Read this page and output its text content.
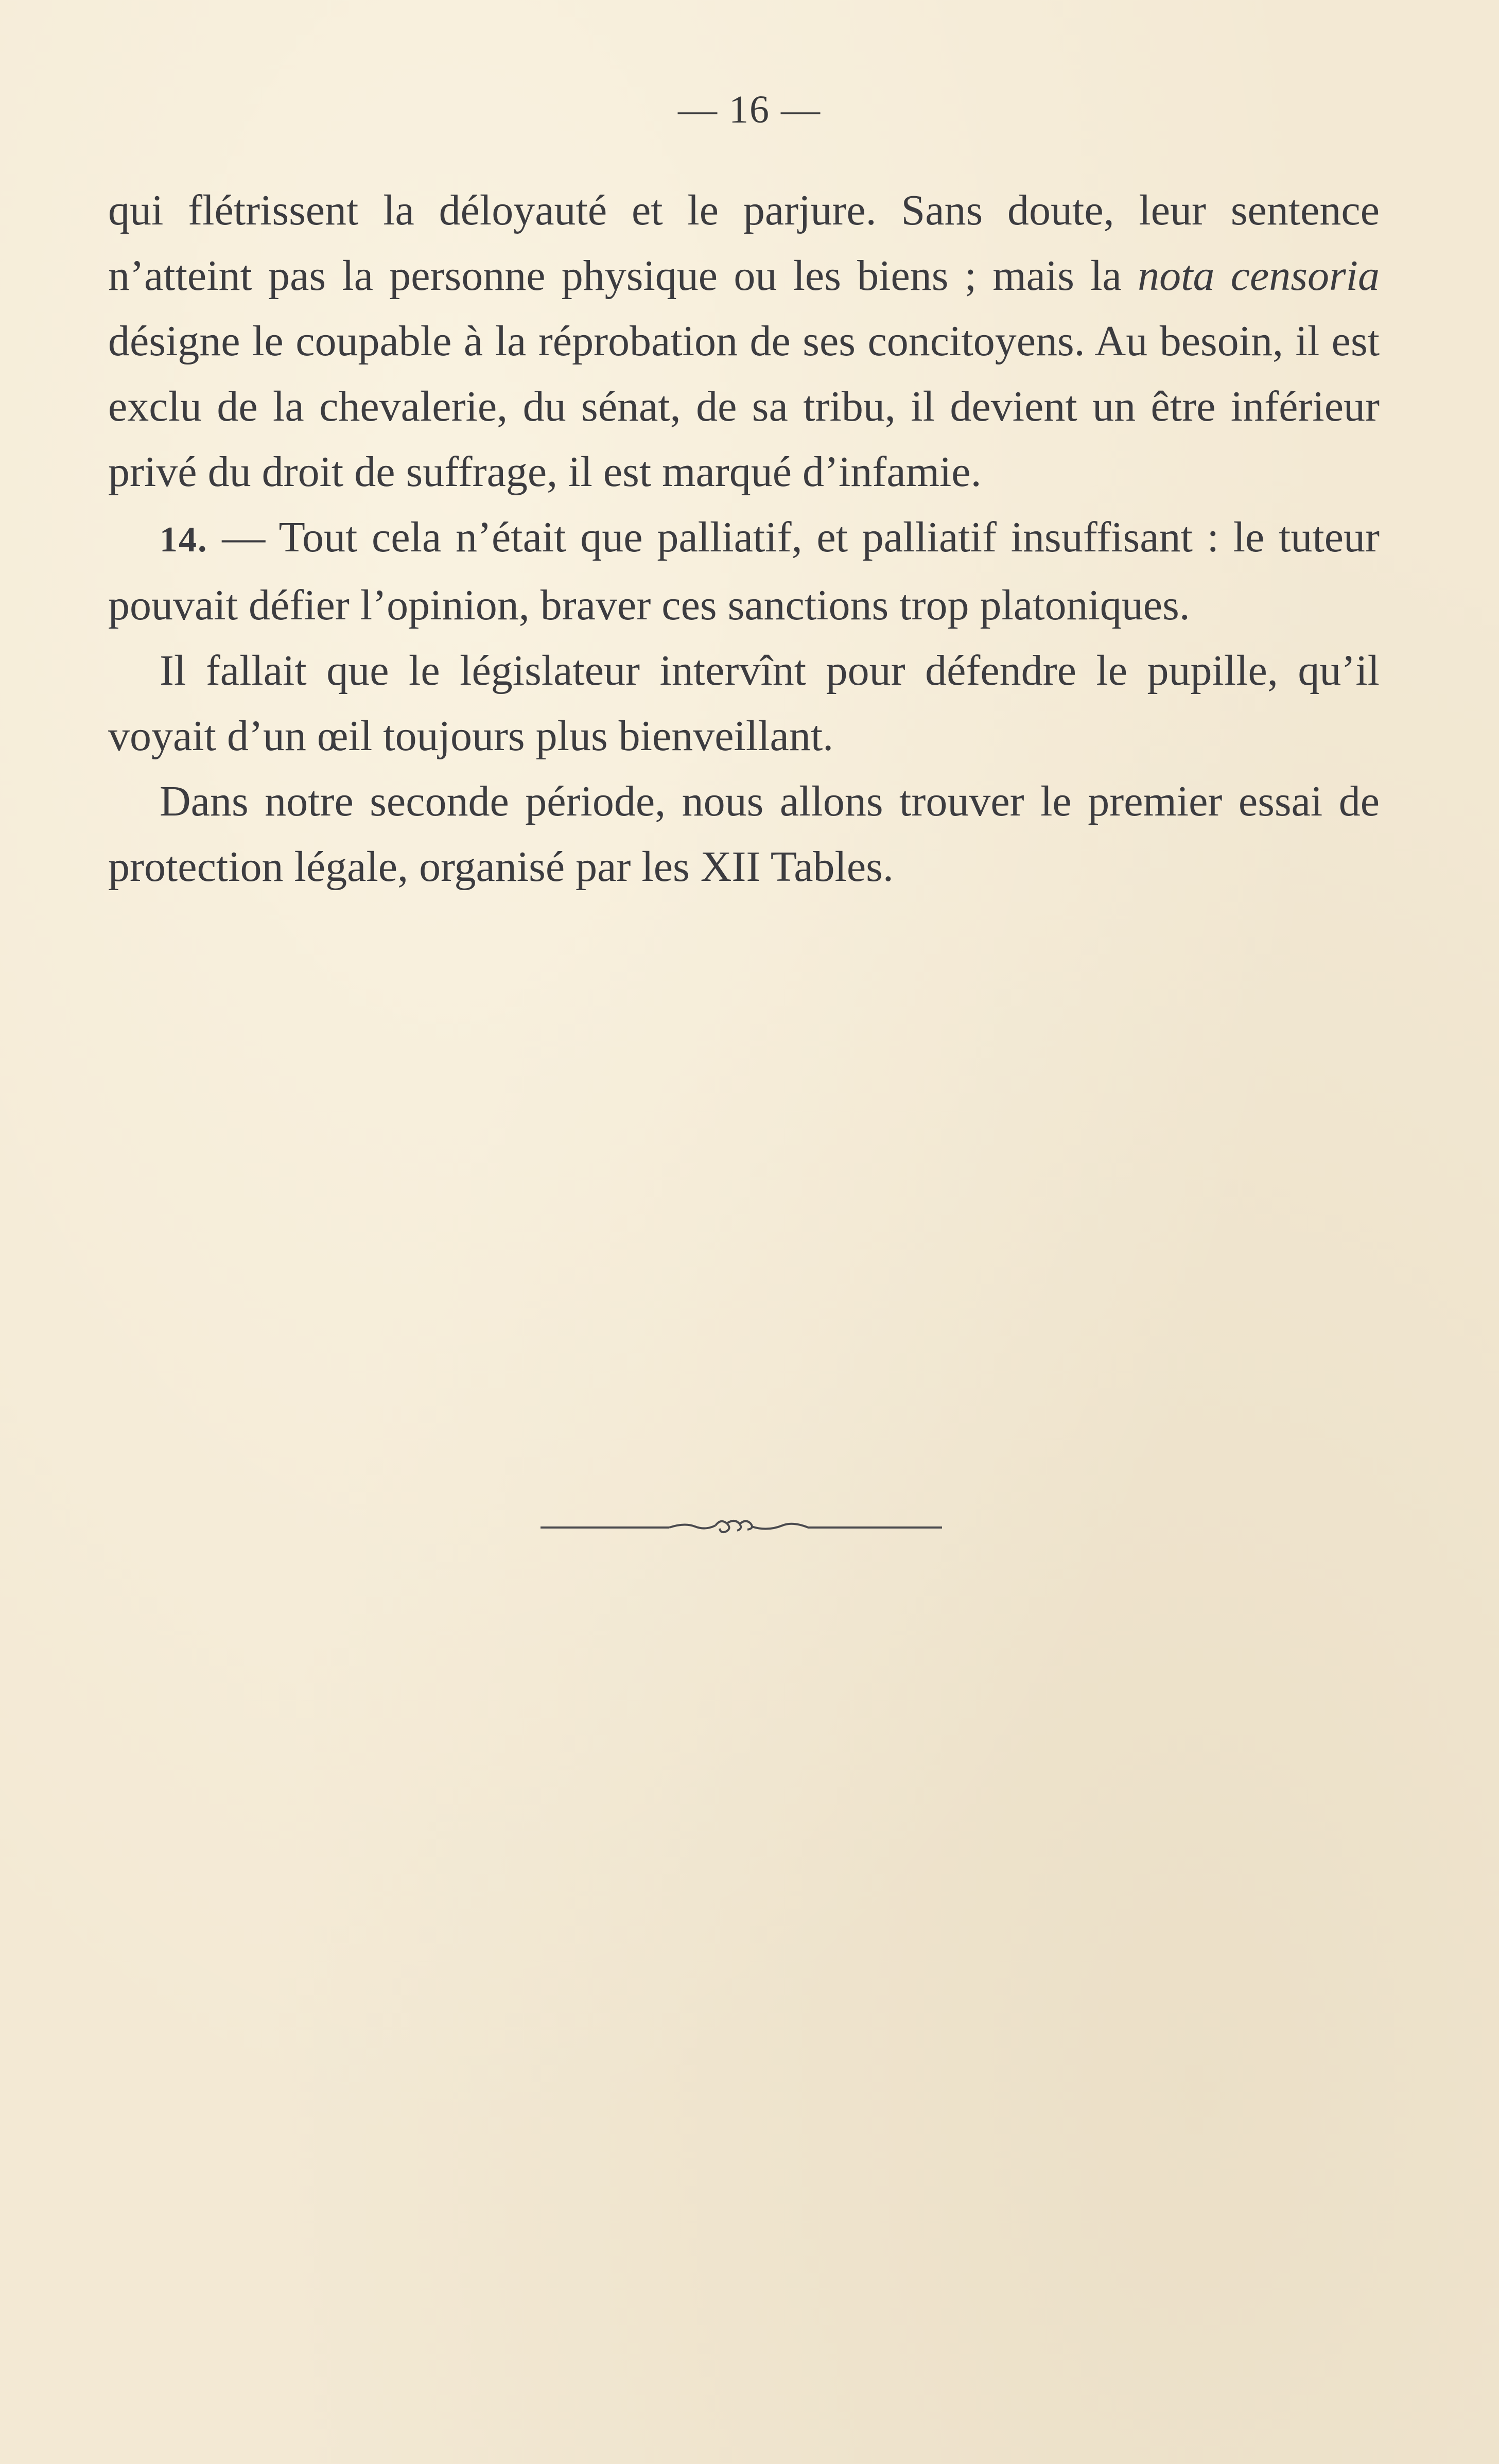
— 16 —

qui flétrissent la déloyauté et le parjure. Sans doute, leur sentence n’atteint pas la personne physique ou les biens ; mais la nota censoria désigne le coupable à la réprobation de ses concitoyens. Au besoin, il est exclu de la chevalerie, du sénat, de sa tribu, il devient un être inférieur privé du droit de suffrage, il est marqué d’infamie.

14. — Tout cela n’était que palliatif, et palliatif insuffisant : le tuteur pouvait défier l’opinion, braver ces sanctions trop platoniques.

Il fallait que le législateur intervînt pour défendre le pupille, qu’il voyait d’un œil toujours plus bienveillant.

Dans notre seconde période, nous allons trouver le premier essai de protection légale, organisé par les XII Tables.
